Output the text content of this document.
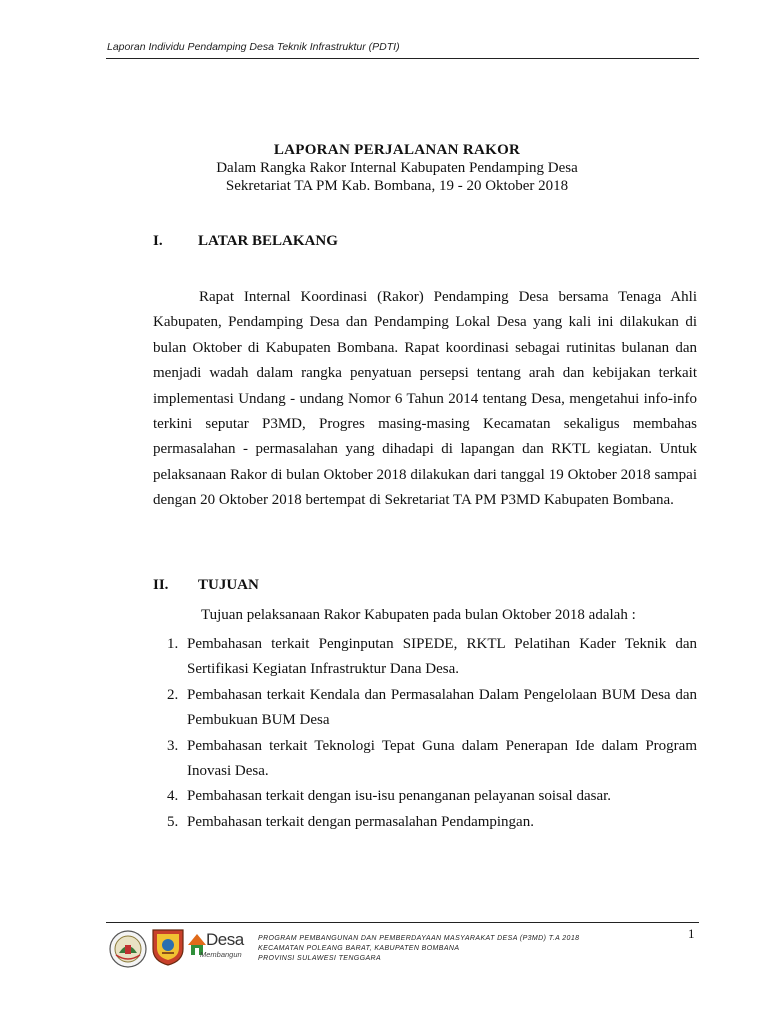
Laporan Individu Pendamping Desa Teknik Infrastruktur (PDTI)
LAPORAN PERJALANAN RAKOR
Dalam Rangka Rakor Internal Kabupaten Pendamping Desa
Sekretariat TA PM Kab. Bombana, 19 - 20 Oktober 2018
I. LATAR BELAKANG
Rapat Internal Koordinasi (Rakor) Pendamping Desa bersama Tenaga Ahli Kabupaten, Pendamping Desa dan Pendamping Lokal Desa yang kali ini dilakukan di bulan Oktober di Kabupaten Bombana. Rapat koordinasi sebagai rutinitas bulanan dan menjadi wadah dalam rangka penyatuan persepsi tentang arah dan kebijakan terkait implementasi Undang - undang Nomor 6 Tahun 2014 tentang Desa, mengetahui info-info terkini seputar P3MD, Progres masing-masing Kecamatan sekaligus membahas permasalahan - permasalahan yang dihadapi di lapangan dan RKTL kegiatan. Untuk pelaksanaan Rakor di bulan Oktober 2018 dilakukan dari tanggal 19 Oktober 2018 sampai dengan 20 Oktober 2018 bertempat di Sekretariat TA PM P3MD Kabupaten Bombana.
II. TUJUAN
Tujuan pelaksanaan Rakor Kabupaten pada bulan Oktober 2018 adalah :
1. Pembahasan terkait Penginputan SIPEDE, RKTL Pelatihan Kader Teknik dan Sertifikasi Kegiatan Infrastruktur Dana Desa.
2. Pembahasan terkait Kendala dan Permasalahan Dalam Pengelolaan BUM Desa dan Pembukuan BUM Desa
3. Pembahasan terkait Teknologi Tepat Guna dalam Penerapan Ide dalam Program Inovasi Desa.
4. Pembahasan terkait dengan isu-isu penanganan pelayanan soisal dasar.
5. Pembahasan terkait dengan permasalahan Pendampingan.
1
Desa
Membangun
PROGRAM PEMBANGUNAN DAN PEMBERDAYAAN MASYARAKAT DESA (P3MD) T.A 2018
KECAMATAN POLEANG BARAT, KABUPATEN BOMBANA
PROVINSI SULAWESI TENGGARA
